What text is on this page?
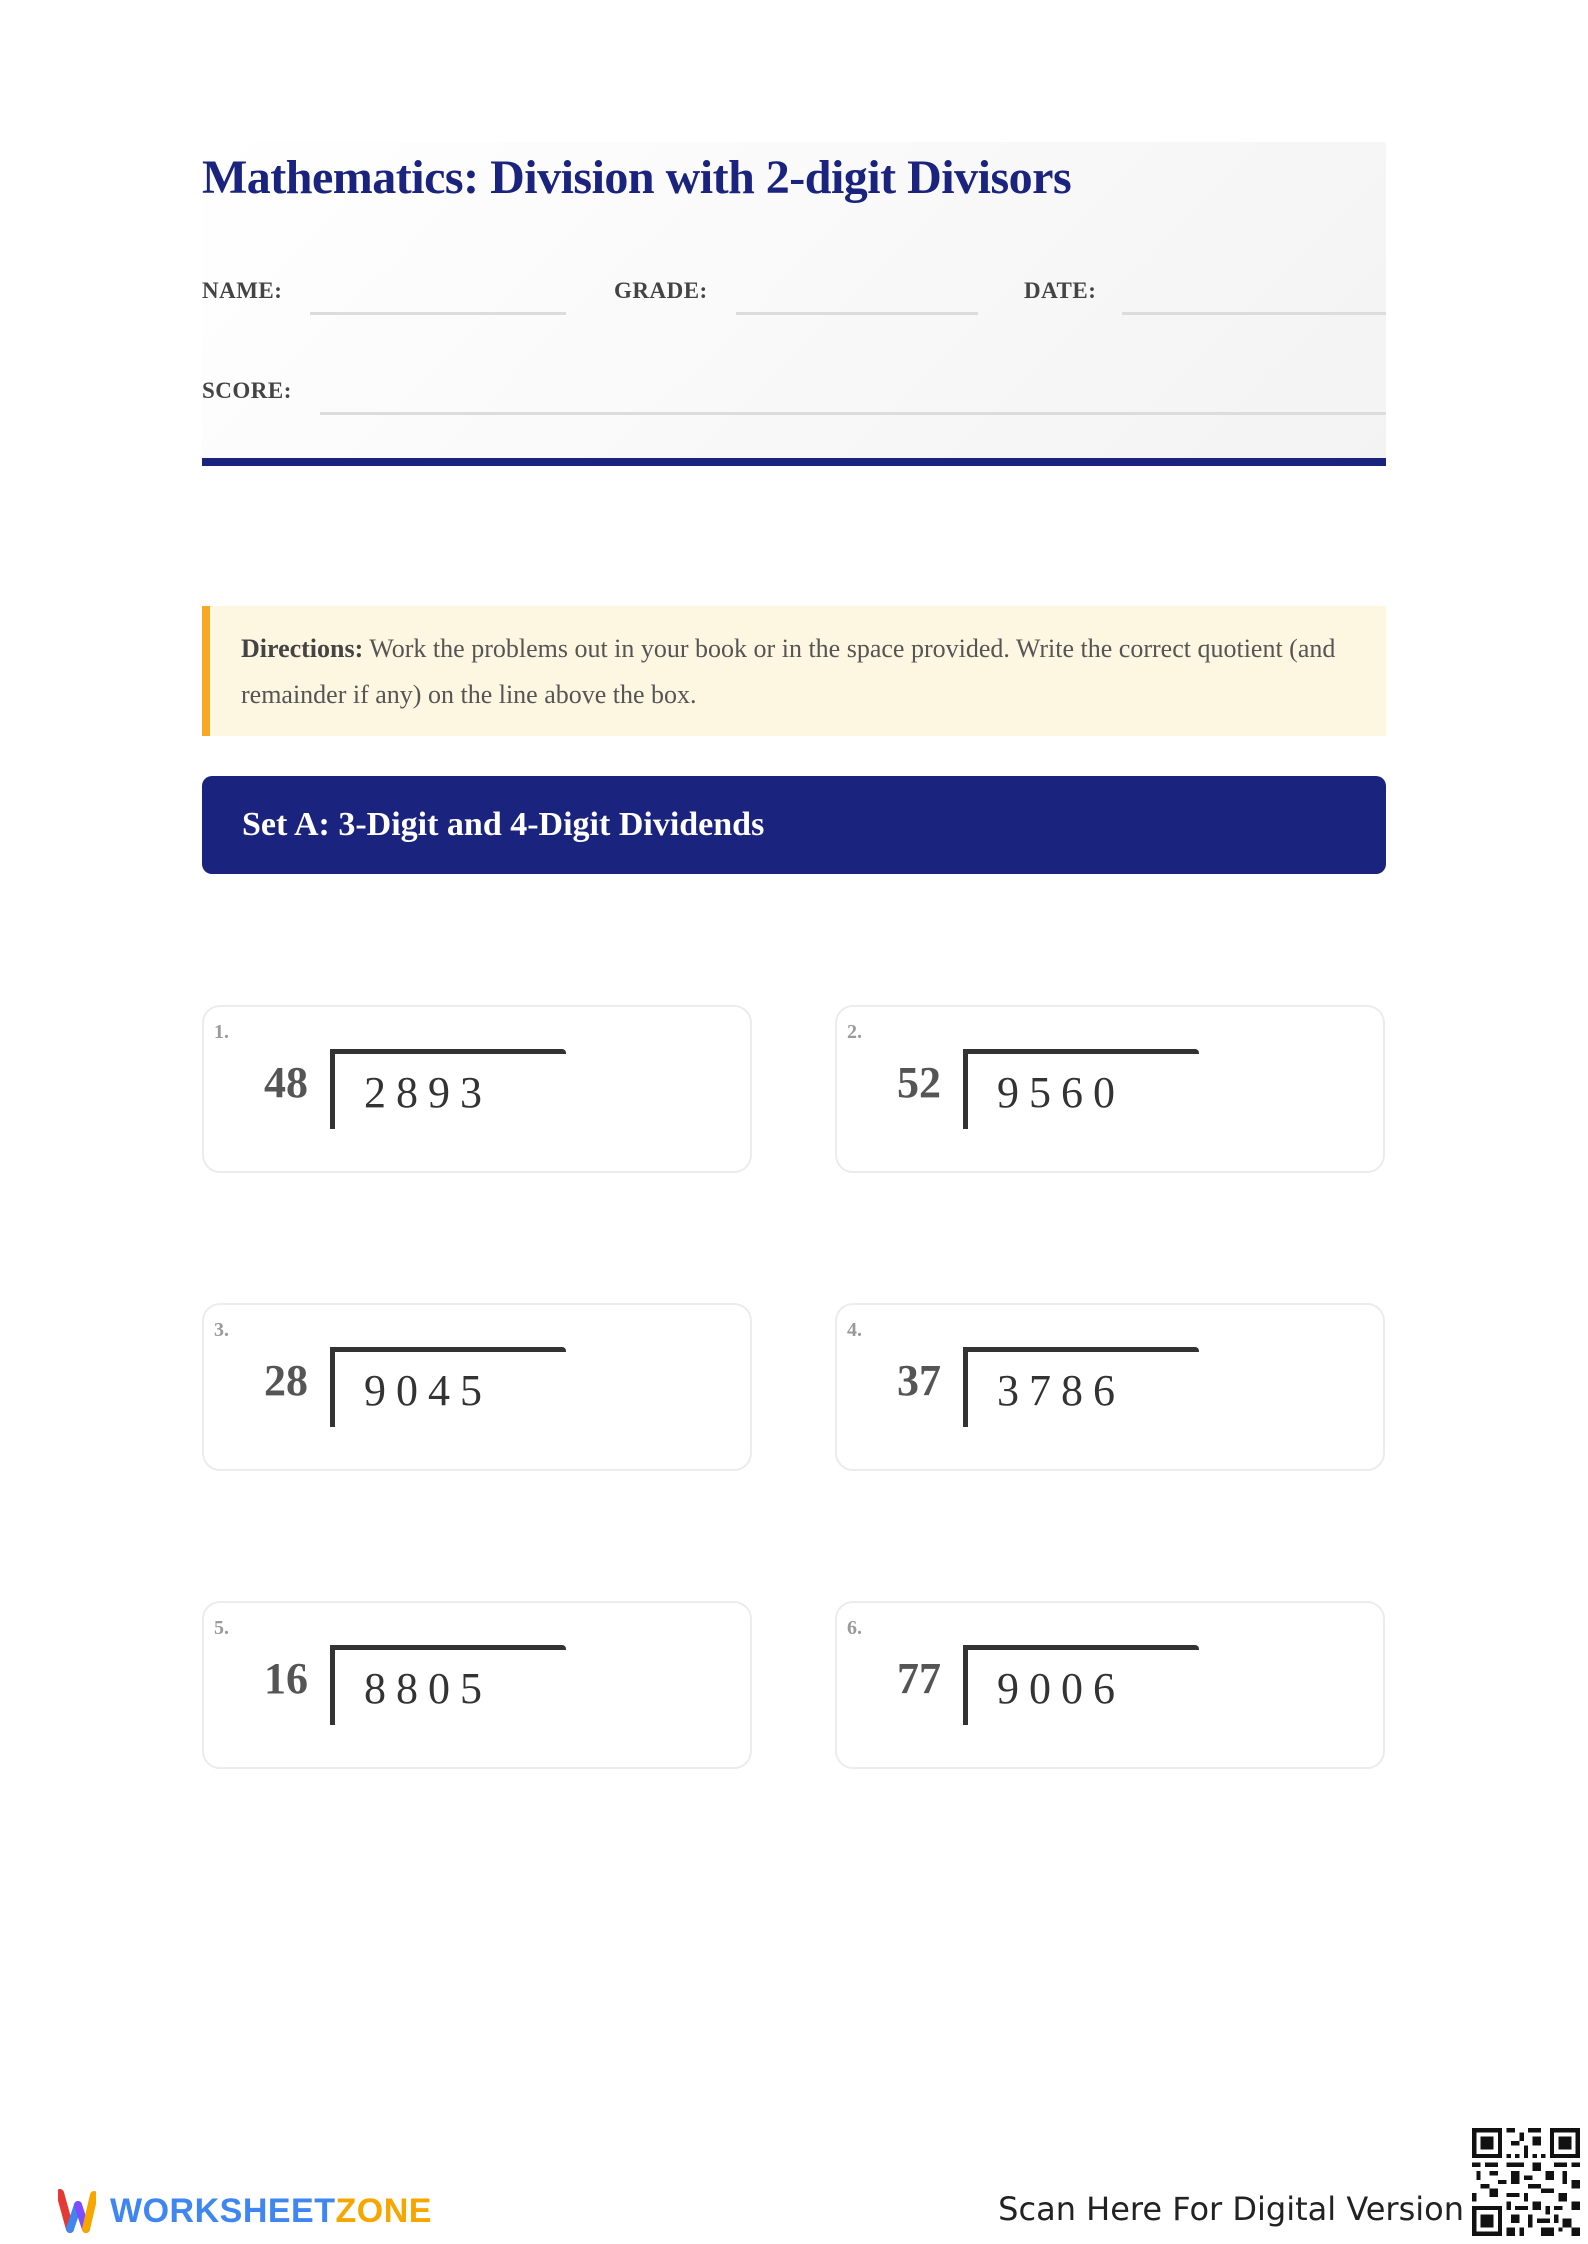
Mathematics: Division with 2-digit Divisors
NAME:	GRADE:	DATE:
SCORE:
Directions: Work the problems out in your book or in the space provided. Write the correct quotient (and remainder if any) on the line above the box.
Set A: 3-Digit and 4-Digit Dividends
1.
48 2893
2.
52 9560
3.
28 9045
4.
37 3786
5.
16 8805
6.
77 9006
WORKSHEETZONE	Scan Here For Digital Version
